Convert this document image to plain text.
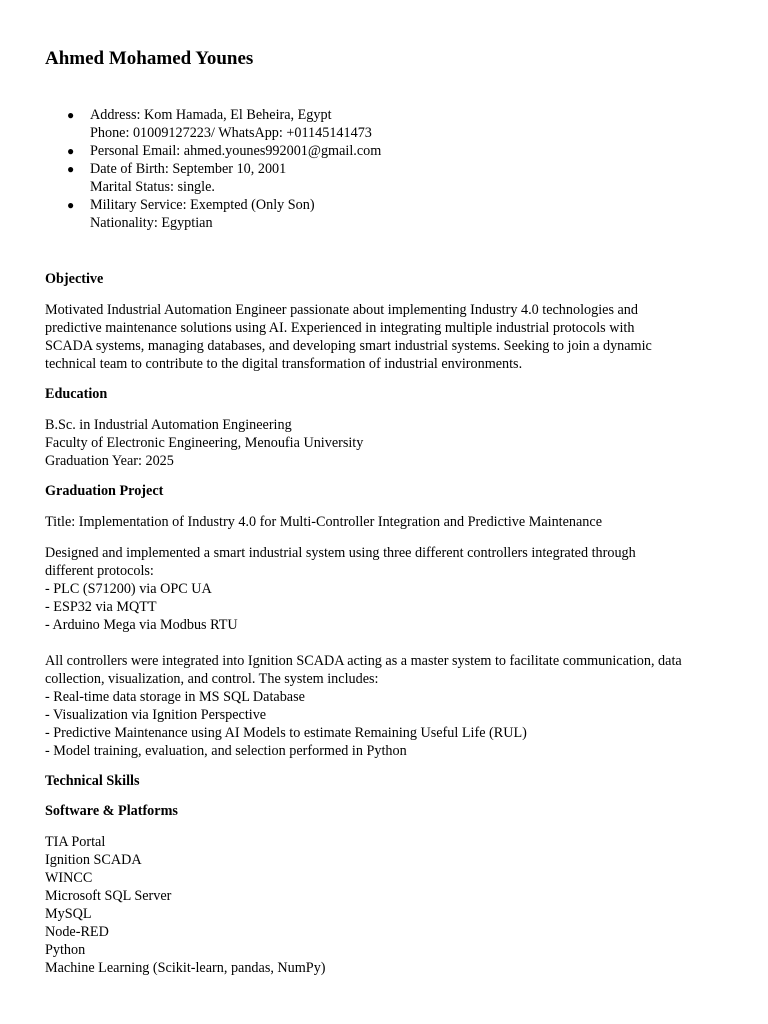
Ahmed Mohamed Younes
● Address: Kom Hamada, El Beheira, Egypt
Phone: 01009127223/ WhatsApp: +01145141473
● Personal Email: ahmed.younes992001@gmail.com
● Date of Birth: September 10, 2001
Marital Status: single.
● Military Service: Exempted (Only Son)
Nationality: Egyptian
Objective
Motivated Industrial Automation Engineer passionate about implementing Industry 4.0 technologies and
predictive maintenance solutions using AI. Experienced in integrating multiple industrial protocols with
SCADA systems, managing databases, and developing smart industrial systems. Seeking to join a dynamic
technical team to contribute to the digital transformation of industrial environments.
Education
B.Sc. in Industrial Automation Engineering
Faculty of Electronic Engineering, Menoufia University
Graduation Year: 2025
Graduation Project
Title: Implementation of Industry 4.0 for Multi-Controller Integration and Predictive Maintenance
Designed and implemented a smart industrial system using three different controllers integrated through
different protocols:
- PLC (S71200) via OPC UA
- ESP32 via MQTT
- Arduino Mega via Modbus RTU
All controllers were integrated into Ignition SCADA acting as a master system to facilitate communication, data
collection, visualization, and control. The system includes:
- Real-time data storage in MS SQL Database
- Visualization via Ignition Perspective
- Predictive Maintenance using AI Models to estimate Remaining Useful Life (RUL)
- Model training, evaluation, and selection performed in Python
Technical Skills
Software & Platforms
TIA Portal
Ignition SCADA
WINCC
Microsoft SQL Server
MySQL
Node-RED
Python
Machine Learning (Scikit-learn, pandas, NumPy)
